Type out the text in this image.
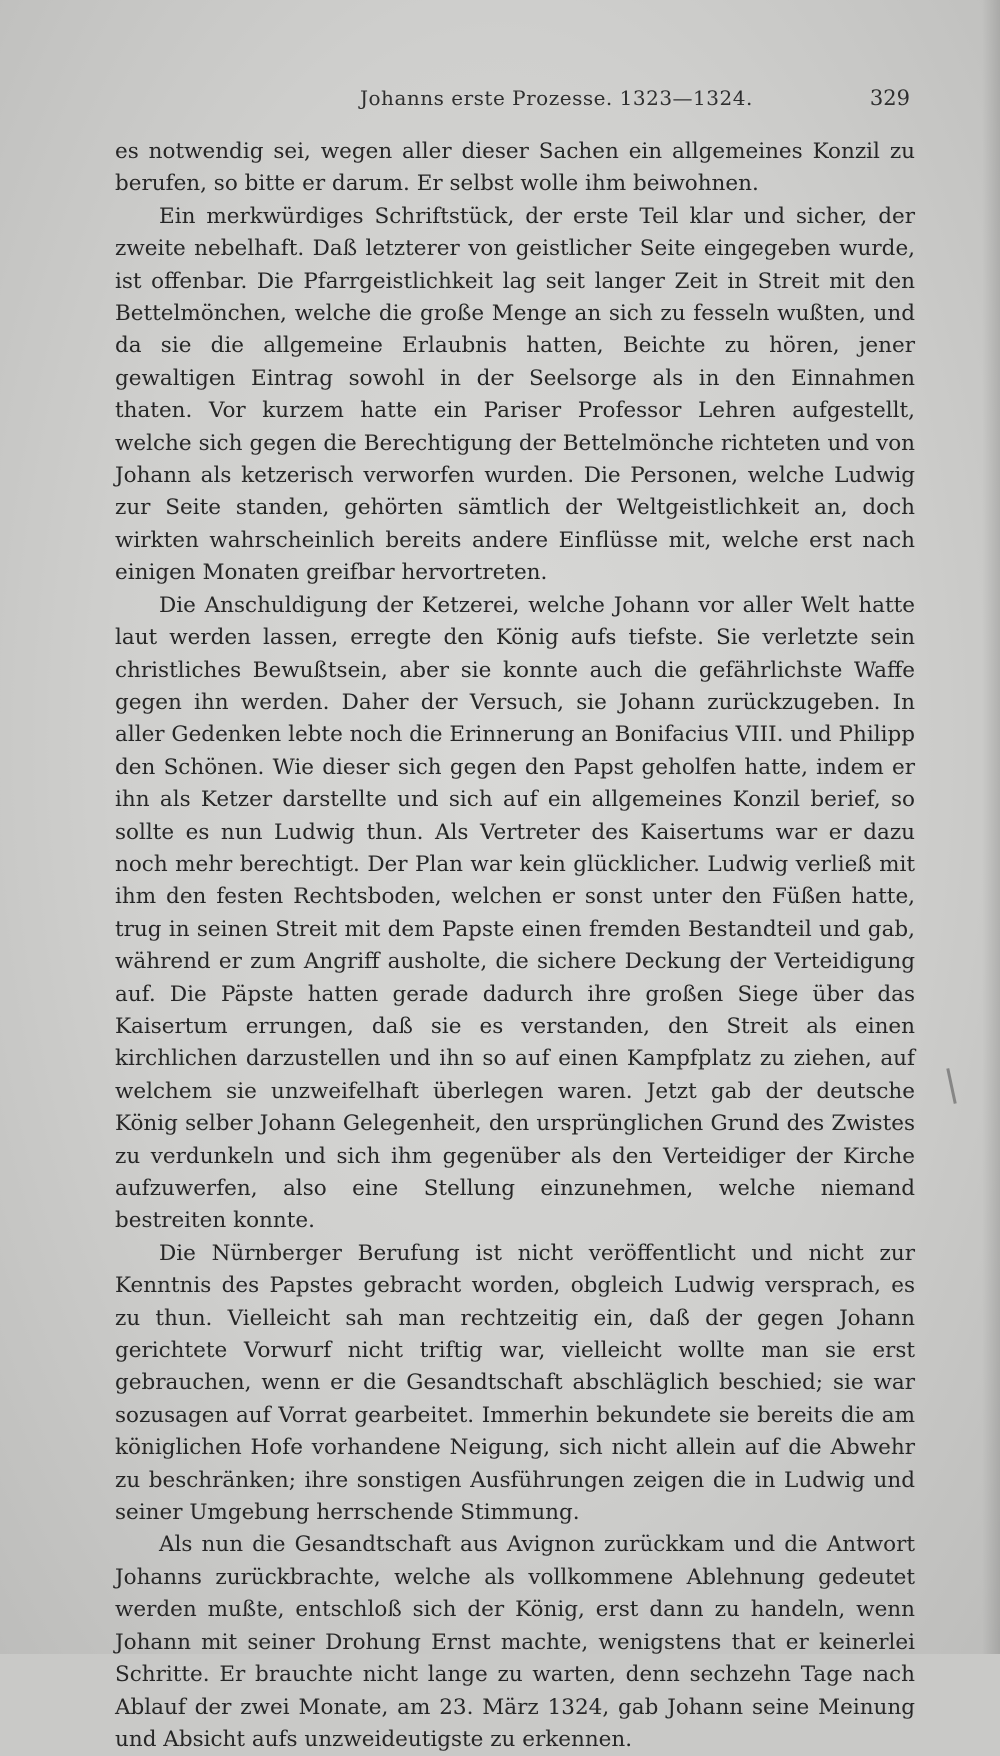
Johanns erste Prozesse. 1323—1324.	329

es notwendig sei, wegen aller dieser Sachen ein allgemeines Konzil zu berufen, so bitte er darum. Er selbst wolle ihm beiwohnen.

Ein merkwürdiges Schriftstück, der erste Teil klar und sicher, der zweite nebelhaft. Daß letzterer von geistlicher Seite eingegeben wurde, ist offenbar. Die Pfarrgeistlichkeit lag seit langer Zeit in Streit mit den Bettelmönchen, welche die große Menge an sich zu fesseln wußten, und da sie die allgemeine Erlaubnis hatten, Beichte zu hören, jener gewaltigen Eintrag sowohl in der Seelsorge als in den Einnahmen thaten. Vor kurzem hatte ein Pariser Professor Lehren aufgestellt, welche sich gegen die Berechtigung der Bettelmönche richteten und von Johann als ketzerisch verworfen wurden. Die Personen, welche Ludwig zur Seite standen, gehörten sämtlich der Weltgeistlichkeit an, doch wirkten wahrscheinlich bereits andere Einflüsse mit, welche erst nach einigen Monaten greifbar hervortreten.

Die Anschuldigung der Ketzerei, welche Johann vor aller Welt hatte laut werden lassen, erregte den König aufs tiefste. Sie verletzte sein christliches Bewußtsein, aber sie konnte auch die gefährlichste Waffe gegen ihn werden. Daher der Versuch, sie Johann zurückzugeben. In aller Gedenken lebte noch die Erinnerung an Bonifacius VIII. und Philipp den Schönen. Wie dieser sich gegen den Papst geholfen hatte, indem er ihn als Ketzer darstellte und sich auf ein allgemeines Konzil berief, so sollte es nun Ludwig thun. Als Vertreter des Kaisertums war er dazu noch mehr berechtigt. Der Plan war kein glücklicher. Ludwig verließ mit ihm den festen Rechtsboden, welchen er sonst unter den Füßen hatte, trug in seinen Streit mit dem Papste einen fremden Bestandteil und gab, während er zum Angriff ausholte, die sichere Deckung der Verteidigung auf. Die Päpste hatten gerade dadurch ihre großen Siege über das Kaisertum errungen, daß sie es verstanden, den Streit als einen kirchlichen darzustellen und ihn so auf einen Kampfplatz zu ziehen, auf welchem sie unzweifelhaft überlegen waren. Jetzt gab der deutsche König selber Johann Gelegenheit, den ursprünglichen Grund des Zwistes zu verdunkeln und sich ihm gegenüber als den Verteidiger der Kirche aufzuwerfen, also eine Stellung einzunehmen, welche niemand bestreiten konnte.

Die Nürnberger Berufung ist nicht veröffentlicht und nicht zur Kenntnis des Papstes gebracht worden, obgleich Ludwig versprach, es zu thun. Vielleicht sah man rechtzeitig ein, daß der gegen Johann gerichtete Vorwurf nicht triftig war, vielleicht wollte man sie erst gebrauchen, wenn er die Gesandtschaft abschläglich beschied; sie war sozusagen auf Vorrat gearbeitet. Immerhin bekundete sie bereits die am königlichen Hofe vorhandene Neigung, sich nicht allein auf die Abwehr zu beschränken; ihre sonstigen Ausführungen zeigen die in Ludwig und seiner Umgebung herrschende Stimmung.

Als nun die Gesandtschaft aus Avignon zurückkam und die Antwort Johanns zurückbrachte, welche als vollkommene Ablehnung gedeutet werden mußte, entschloß sich der König, erst dann zu handeln, wenn Johann mit seiner Drohung Ernst machte, wenigstens that er keinerlei Schritte. Er brauchte nicht lange zu warten, denn sechzehn Tage nach Ablauf der zwei Monate, am 23. März 1324, gab Johann seine Meinung und Absicht aufs unzweideutigste zu erkennen.
